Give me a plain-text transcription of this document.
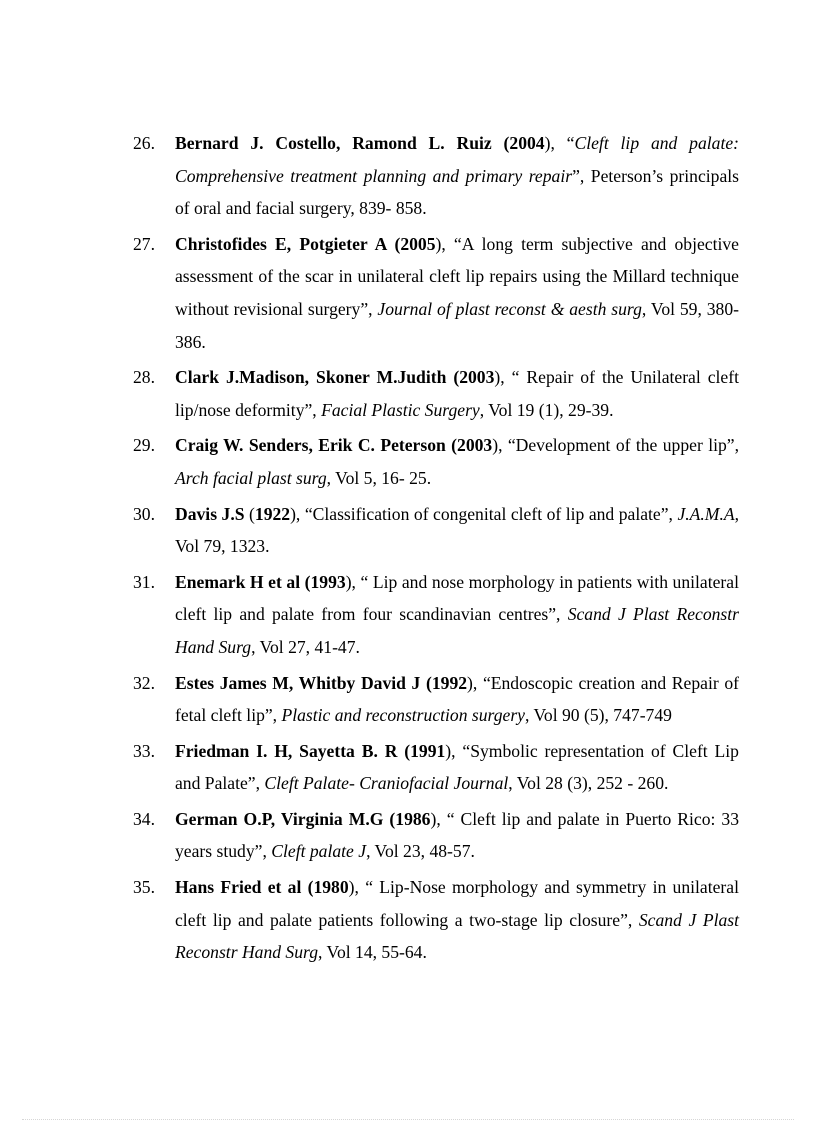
26. Bernard J. Costello, Ramond L. Ruiz (2004), “Cleft lip and palate: Comprehensive treatment planning and primary repair”, Peterson’s principals of oral and facial surgery, 839- 858.
27. Christofides E, Potgieter A (2005), “A long term subjective and objective assessment of the scar in unilateral cleft lip repairs using the Millard technique without revisional surgery”, Journal of plast reconst & aesth surg, Vol 59, 380- 386.
28. Clark J.Madison, Skoner M.Judith (2003), “ Repair of the Unilateral cleft lip/nose deformity”, Facial Plastic Surgery, Vol 19 (1), 29-39.
29. Craig W. Senders, Erik C. Peterson (2003), “Development of the upper lip”, Arch facial plast surg, Vol 5, 16- 25.
30. Davis J.S (1922), “Classification of congenital cleft of lip and palate”, J.A.M.A, Vol 79, 1323.
31. Enemark H et al (1993), “ Lip and nose morphology in patients with unilateral cleft lip and palate from four scandinavian centres”, Scand J Plast Reconstr Hand Surg, Vol 27, 41-47.
32. Estes James M, Whitby David J (1992), “Endoscopic creation and Repair of fetal cleft lip”, Plastic and reconstruction surgery, Vol 90 (5), 747-749
33. Friedman I. H, Sayetta B. R (1991), “Symbolic representation of Cleft Lip and Palate”, Cleft Palate- Craniofacial Journal, Vol 28 (3), 252 - 260.
34. German O.P, Virginia M.G (1986), “ Cleft lip and palate in Puerto Rico: 33 years study”, Cleft palate J, Vol 23, 48-57.
35. Hans Fried et al (1980), “ Lip-Nose morphology and symmetry in unilateral cleft lip and palate patients following a two-stage lip closure”, Scand J Plast Reconstr Hand Surg, Vol 14, 55-64.
